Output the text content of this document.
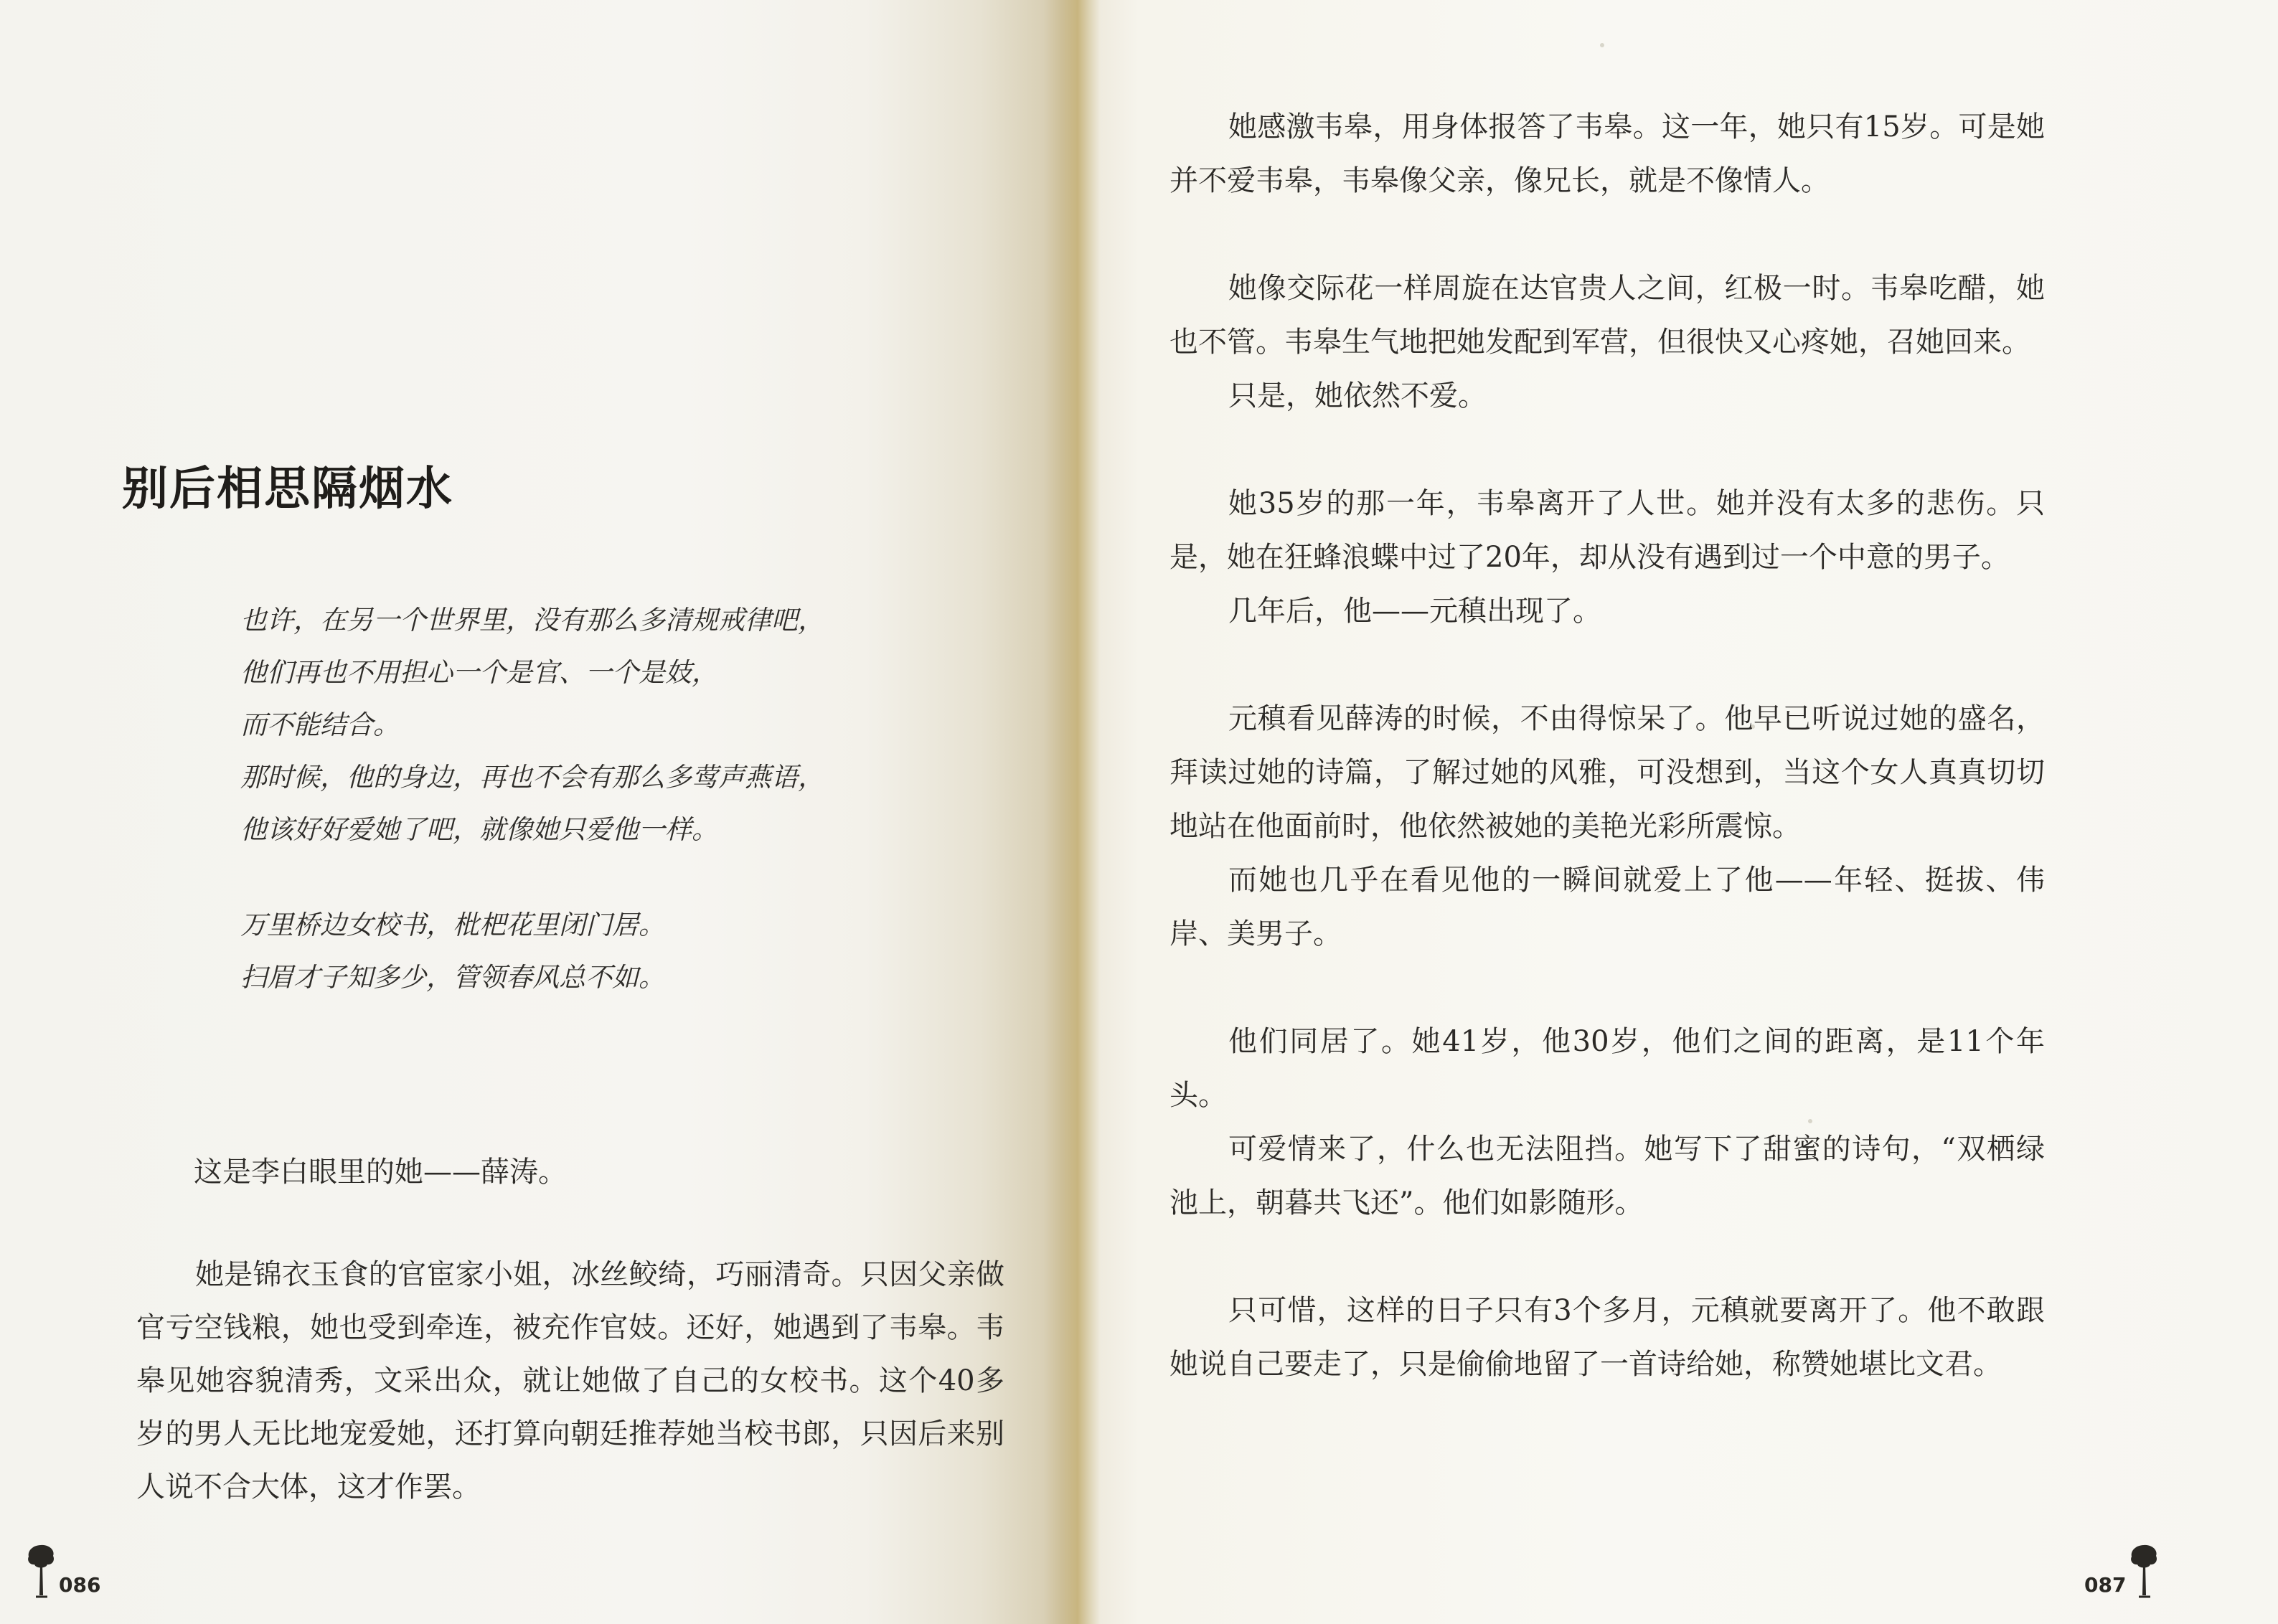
别后相思隔烟水
也许，在另一个世界里，没有那么多清规戒律吧，
他们再也不用担心一个是官、一个是妓，
而不能结合。
那时候，他的身边，再也不会有那么多莺声燕语，
他该好好爱她了吧，就像她只爱他一样。
万里桥边女校书，枇杷花里闭门居。
扫眉才子知多少，管领春风总不如。

这是李白眼里的她——薛涛。

她是锦衣玉食的官宦家小姐，冰丝鲛绮，巧丽清奇。只因父亲做官亏空钱粮，她也受到牵连，被充作官妓。还好，她遇到了韦皋。韦皋见她容貌清秀，文采出众，就让她做了自己的女校书。这个40多岁的男人无比地宠爱她，还打算向朝廷推荐她当校书郎，只因后来别人说不合大体，这才作罢。

086

她感激韦皋，用身体报答了韦皋。这一年，她只有15岁。可是她并不爱韦皋，韦皋像父亲，像兄长，就是不像情人。

她像交际花一样周旋在达官贵人之间，红极一时。韦皋吃醋，她也不管。韦皋生气地把她发配到军营，但很快又心疼她，召她回来。

只是，她依然不爱。

她35岁的那一年，韦皋离开了人世。她并没有太多的悲伤。只是，她在狂蜂浪蝶中过了20年，却从没有遇到过一个中意的男子。

几年后，他——元稹出现了。

元稹看见薛涛的时候，不由得惊呆了。他早已听说过她的盛名，拜读过她的诗篇，了解过她的风雅，可没想到，当这个女人真真切切地站在他面前时，他依然被她的美艳光彩所震惊。

而她也几乎在看见他的一瞬间就爱上了他——年轻、挺拔、伟岸、美男子。

他们同居了。她41岁，他30岁，他们之间的距离，是11个年头。

可爱情来了，什么也无法阻挡。她写下了甜蜜的诗句，“双栖绿池上，朝暮共飞还”。他们如影随形。

只可惜，这样的日子只有3个多月，元稹就要离开了。他不敢跟她说自己要走了，只是偷偷地留了一首诗给她，称赞她堪比文君。

087
